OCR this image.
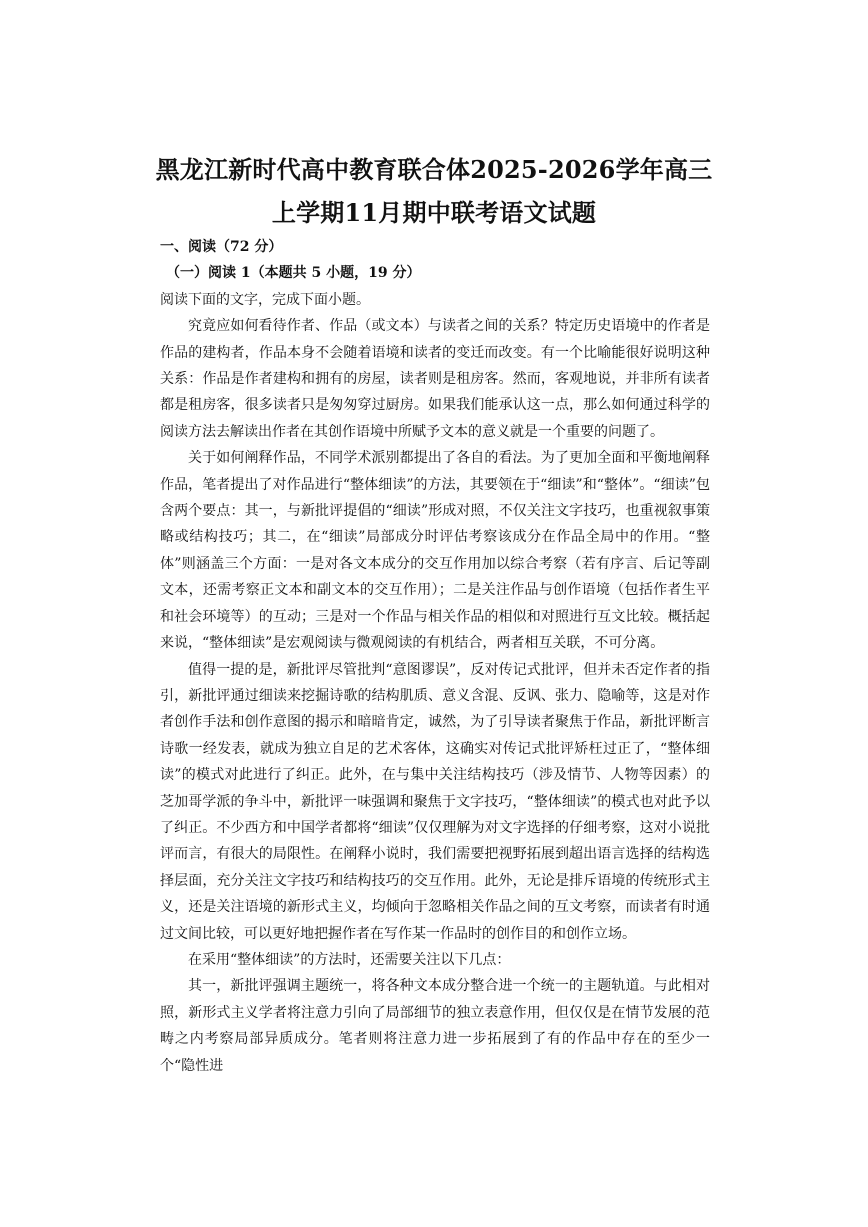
黑龙江新时代高中教育联合体2025-2026学年高三上学期11月期中联考语文试题

一、阅读（72 分）

（一）阅读 1（本题共 5 小题，19 分）

阅读下面的文字，完成下面小题。

究竟应如何看待作者、作品（或文本）与读者之间的关系？特定历史语境中的作者是作品的建构者，作品本身不会随着语境和读者的变迁而改变。有一个比喻能很好说明这种关系：作品是作者建构和拥有的房屋，读者则是租房客。然而，客观地说，并非所有读者都是租房客，很多读者只是匆匆穿过厨房。如果我们能承认这一点，那么如何通过科学的阅读方法去解读出作者在其创作语境中所赋予文本的意义就是一个重要的问题了。

关于如何阐释作品，不同学术派别都提出了各自的看法。为了更加全面和平衡地阐释作品，笔者提出了对作品进行“整体细读”的方法，其要领在于“细读”和“整体”。“细读”包含两个要点：其一，与新批评提倡的“细读”形成对照，不仅关注文字技巧，也重视叙事策略或结构技巧；其二，在“细读”局部成分时评估考察该成分在作品全局中的作用。“整体”则涵盖三个方面：一是对各文本成分的交互作用加以综合考察（若有序言、后记等副文本，还需考察正文本和副文本的交互作用）；二是关注作品与创作语境（包括作者生平和社会环境等）的互动；三是对一个作品与相关作品的相似和对照进行互文比较。概括起来说，“整体细读”是宏观阅读与微观阅读的有机结合，两者相互关联，不可分离。

值得一提的是，新批评尽管批判“意图谬误”，反对传记式批评，但并未否定作者的指引，新批评通过细读来挖掘诗歌的结构肌质、意义含混、反讽、张力、隐喻等，这是对作者创作手法和创作意图的揭示和暗暗肯定，诚然，为了引导读者聚焦于作品，新批评断言诗歌一经发表，就成为独立自足的艺术客体，这确实对传记式批评矫枉过正了，“整体细读”的模式对此进行了纠正。此外，在与集中关注结构技巧（涉及情节、人物等因素）的芝加哥学派的争斗中，新批评一味强调和聚焦于文字技巧，“整体细读”的模式也对此予以了纠正。不少西方和中国学者都将“细读”仅仅理解为对文字选择的仔细考察，这对小说批评而言，有很大的局限性。在阐释小说时，我们需要把视野拓展到超出语言选择的结构选择层面，充分关注文字技巧和结构技巧的交互作用。此外，无论是排斥语境的传统形式主义，还是关注语境的新形式主义，均倾向于忽略相关作品之间的互文考察，而读者有时通过文间比较，可以更好地把握作者在写作某一作品时的创作目的和创作立场。

在采用“整体细读”的方法时，还需要关注以下几点：

其一，新批评强调主题统一，将各种文本成分整合进一个统一的主题轨道。与此相对照，新形式主义学者将注意力引向了局部细节的独立表意作用，但仅仅是在情节发展的范畴之内考察局部异质成分。笔者则将注意力进一步拓展到了有的作品中存在的至少一个“隐性进
